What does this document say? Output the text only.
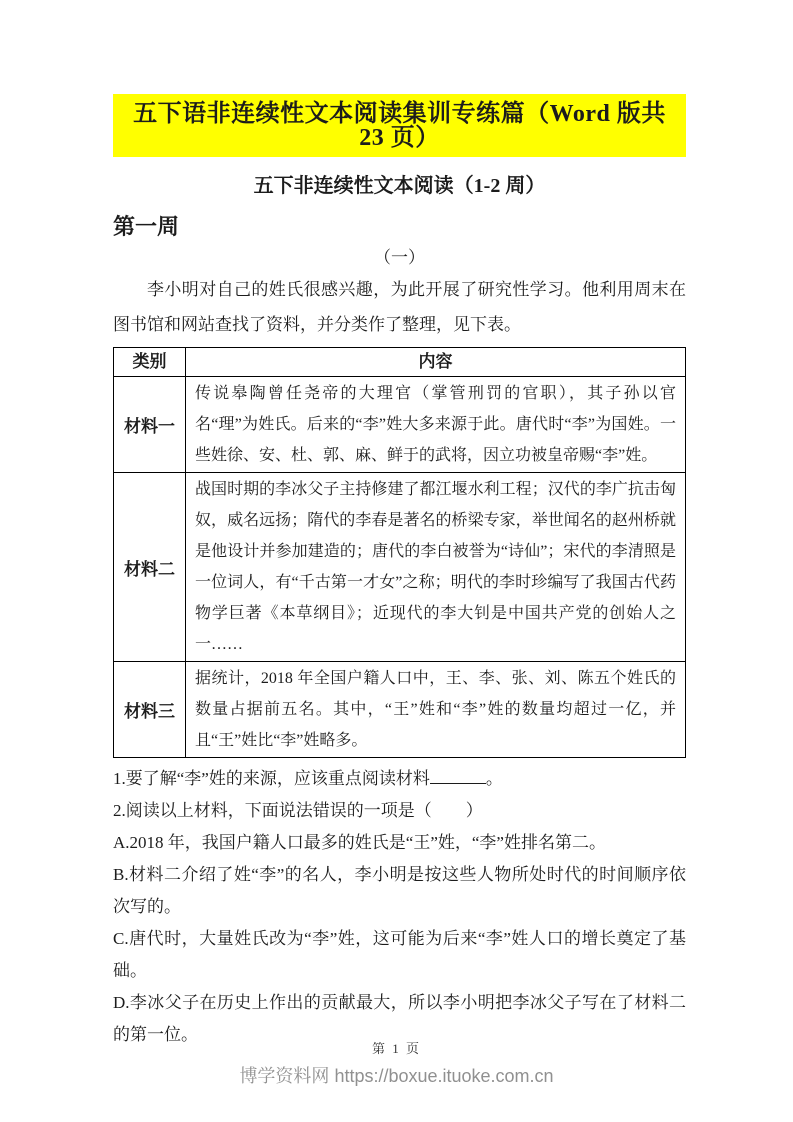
五下语非连续性文本阅读集训专练篇（Word 版共 23 页）
五下非连续性文本阅读（1-2 周）
第一周
（一）

李小明对自己的姓氏很感兴趣，为此开展了研究性学习。他利用周末在图书馆和网站查找了资料，并分类作了整理，见下表。

类别	内容
材料一	传说皋陶曾任尧帝的大理官（掌管刑罚的官职），其子孙以官名“理”为姓氏。后来的“李”姓大多来源于此。唐代时“李”为国姓。一些姓徐、安、杜、郭、麻、鲜于的武将，因立功被皇帝赐“李”姓。
材料二	战国时期的李冰父子主持修建了都江堰水利工程；汉代的李广抗击匈奴，威名远扬；隋代的李春是著名的桥梁专家，举世闻名的赵州桥就是他设计并参加建造的；唐代的李白被誉为“诗仙”；宋代的李清照是一位词人，有“千古第一才女”之称；明代的李时珍编写了我国古代药物学巨著《本草纲目》；近现代的李大钊是中国共产党的创始人之一……
材料三	据统计，2018 年全国户籍人口中，王、李、张、刘、陈五个姓氏的数量占据前五名。其中，“王”姓和“李”姓的数量均超过一亿，并且“王”姓比“李”姓略多。

1.要了解“李”姓的来源，应该重点阅读材料	。

2.阅读以上材料，下面说法错误的一项是（　　）

A.2018 年，我国户籍人口最多的姓氏是“王”姓，“李”姓排名第二。

B.材料二介绍了姓“李”的名人，李小明是按这些人物所处时代的时间顺序依次写的。

C.唐代时，大量姓氏改为“李”姓，这可能为后来“李”姓人口的增长奠定了基础。

D.李冰父子在历史上作出的贡献最大，所以李小明把李冰父子写在了材料二的第一位。

第 1 页
博学资料网 https://boxue.ituoke.com.cn
